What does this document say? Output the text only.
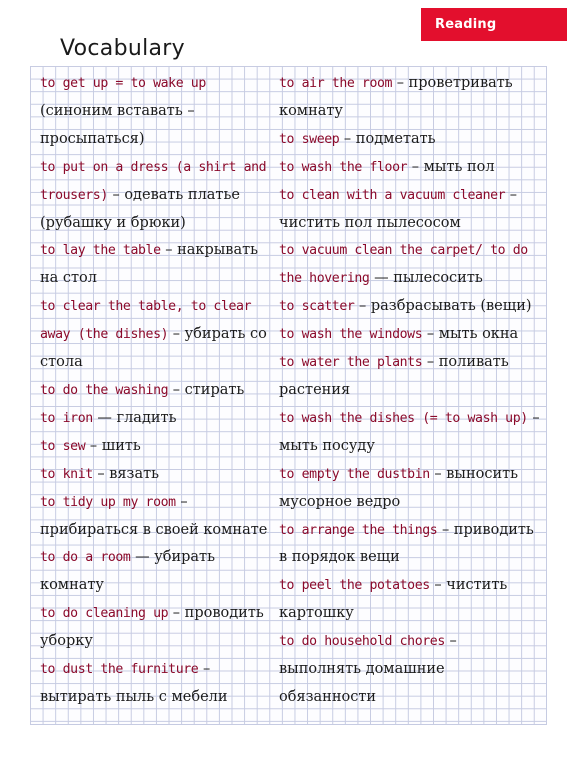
Reading
Vocabulary

to get up = to wake up (синоним вставать – просыпаться)

to put on a dress (a shirt and trousers) – одевать платье (рубашку и брюки)

to lay the table – накрывать на стол

to clear the table, to clear away (the dishes) – убирать со стола

to do the washing – стирать

to iron — гладить

to sew – шить

to knit – вязать

to tidy up my room – прибираться в своей комнате

to do a room — убирать комнату

to do cleaning up – проводить уборку

to dust the furniture – вытирать пыль с мебели

to air the room – проветривать комнату

to sweep – подметать

to wash the floor – мыть пол

to clean with a vacuum cleaner – чистить пол пылесосом

to vacuum clean the carpet/ to do the hovering — пылесосить

to scatter – разбрасывать (вещи)

to wash the windows – мыть окна

to water the plants – поливать растения

to wash the dishes (= to wash up) – мыть посуду

to empty the dustbin – выносить мусорное ведро

to arrange the things – приводить в порядок вещи

to peel the potatoes – чистить картошку

to do household chores – выполнять домашние обязанности
